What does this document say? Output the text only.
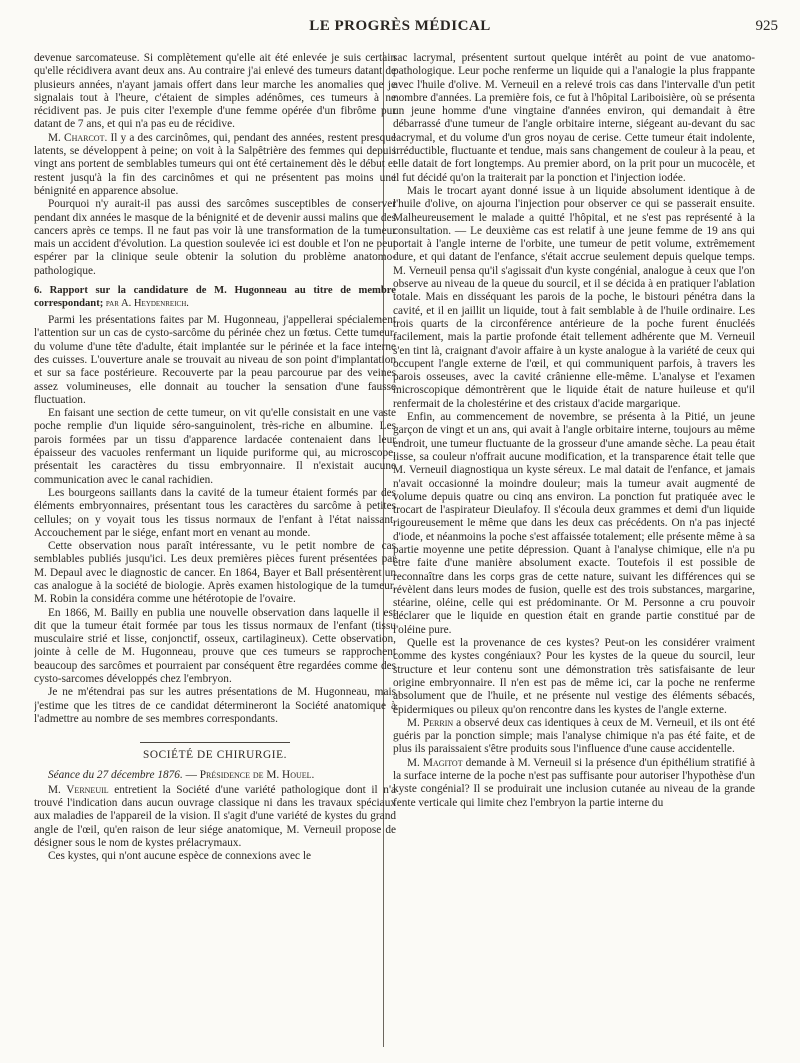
LE PROGRÈS MÉDICAL	925

devenue sarcomateuse. Si complètement qu'elle ait été enlevée je suis certain qu'elle récidivera avant deux ans. Au contraire j'ai enlevé des tumeurs datant de plusieurs années, n'ayant jamais offert dans leur marche les anomalies que je signalais tout à l'heure, c'étaient de simples adénômes, ces tumeurs à ne récidivent pas. Je puis citer l'exemple d'une femme opérée d'un fibrôme pur datant de 7 ans, et qui n'a pas eu de récidive.

M. Charcot. Il y a des carcinômes, qui, pendant des années, restent presque latents, se développent à peine; on voit à la Salpêtrière des femmes qui depuis vingt ans portent de semblables tumeurs qui ont été certainement dès le début et restent jusqu'à la fin des carcinômes et qui ne présentent pas moins une bénignité en apparence absolue.

Pourquoi n'y aurait-il pas aussi des sarcômes susceptibles de conserver pendant dix années le masque de la bénignité et de devenir aussi malins que des cancers après ce temps. Il ne faut pas voir là une transformation de la tumeur mais un accident d'évolution. La question soulevée ici est double et l'on ne peut espérer par la clinique seule obtenir la solution du problème anatomo-pathologique.

6. Rapport sur la candidature de M. Hugonneau au titre de membre correspondant; par A. Heydenreich.

Parmi les présentations faites par M. Hugonneau, j'appellerai spécialement l'attention sur un cas de cysto-sarcôme du périnée chez un fœtus. Cette tumeur, du volume d'une tête d'adulte, était implantée sur le périnée et la face interne des cuisses. L'ouverture anale se trouvait au niveau de son point d'implantation et sur sa face postérieure. Recouverte par la peau parcourue par des veines assez volumineuses, elle donnait au toucher la sensation d'une fausse fluctuation.

En faisant une section de cette tumeur, on vit qu'elle consistait en une vaste poche remplie d'un liquide séro-sanguinolent, très-riche en albumine. Les parois formées par un tissu d'apparence lardacée contenaient dans leur épaisseur des vacuoles renfermant un liquide puriforme qui, au microscope, présentait les caractères du tissu embryonnaire. Il n'existait aucune communication avec le canal rachidien.

Les bourgeons saillants dans la cavité de la tumeur étaient formés par des éléments embryonnaires, présentant tous les caractères du sarcôme à petites cellules; on y voyait tous les tissus normaux de l'enfant à l'état naissant. Accouchement par le siége, enfant mort en venant au monde.

Cette observation nous paraît intéressante, vu le petit nombre de cas semblables publiés jusqu'ici. Les deux premières pièces furent présentées par M. Depaul avec le diagnostic de cancer. En 1864, Bayer et Ball présentèrent un cas analogue à la société de biologie. Après examen histologique de la tumeur, M. Robin la considéra comme une hétérotopie de l'ovaire.

En 1866, M. Bailly en publia une nouvelle observation dans laquelle il est dit que la tumeur était formée par tous les tissus normaux de l'enfant (tissu musculaire strié et lisse, conjonctif, osseux, cartilagineux). Cette observation, jointe à celle de M. Hugonneau, prouve que ces tumeurs se rapprochent beaucoup des sarcômes et pourraient par conséquent être regardées comme des cysto-sarcomes développés chez l'embryon.

Je ne m'étendrai pas sur les autres présentations de M. Hugonneau, mais j'estime que les titres de ce candidat détermineront la Société anatomique à l'admettre au nombre de ses membres correspondants.

SOCIÉTÉ DE CHIRURGIE.

Séance du 27 décembre 1876. — Présidence de M. Houel.

M. Verneuil entretient la Société d'une variété pathologique dont il n'a trouvé l'indication dans aucun ouvrage classique ni dans les travaux spéciaux aux maladies de l'appareil de la vision. Il s'agit d'une variété de kystes du grand angle de l'œil, qu'en raison de leur siége anatomique, M. Verneuil propose de désigner sous le nom de kystes prélacrymaux.

Ces kystes, qui n'ont aucune espèce de connexions avec le

sac lacrymal, présentent surtout quelque intérêt au point de vue anatomo-pathologique. Leur poche renferme un liquide qui a l'analogie la plus frappante avec l'huile d'olive. M. Verneuil en a relevé trois cas dans l'intervalle d'un petit nombre d'années. La première fois, ce fut à l'hôpital Lariboisière, où se présenta un jeune homme d'une vingtaine d'années environ, qui demandait à être débarrassé d'une tumeur de l'angle orbitaire interne, siégeant au-devant du sac lacrymal, et du volume d'un gros noyau de cerise. Cette tumeur était indolente, irréductible, fluctuante et tendue, mais sans changement de couleur à la peau, et elle datait de fort longtemps. Au premier abord, on la prit pour un mucocèle, et il fut décidé qu'on la traiterait par la ponction et l'injection iodée.

Mais le trocart ayant donné issue à un liquide absolument identique à de l'huile d'olive, on ajourna l'injection pour observer ce qui se passerait ensuite. Malheureusement le malade a quitté l'hôpital, et ne s'est pas représenté à la consultation. — Le deuxième cas est relatif à une jeune femme de 19 ans qui portait à l'angle interne de l'orbite, une tumeur de petit volume, extrêmement dure, et qui datant de l'enfance, s'était accrue seulement depuis quelque temps. M. Verneuil pensa qu'il s'agissait d'un kyste congénial, analogue à ceux que l'on observe au niveau de la queue du sourcil, et il se décida à en pratiquer l'ablation totale. Mais en disséquant les parois de la poche, le bistouri pénétra dans la cavité, et il en jaillit un liquide, tout à fait semblable à de l'huile ordinaire. Les trois quarts de la circonférence antérieure de la poche furent énucléés facilement, mais la partie profonde était tellement adhérente que M. Verneuil s'en tint là, craignant d'avoir affaire à un kyste analogue à la variété de ceux qui occupent l'angle externe de l'œil, et qui communiquent parfois, à travers les parois osseuses, avec la cavité crânienne elle-même. L'analyse et l'examen microscopique démontrèrent que le liquide était de nature huileuse et qu'il renfermait de la cholestérine et des cristaux d'acide margarique.

Enfin, au commencement de novembre, se présenta à la Pitié, un jeune garçon de vingt et un ans, qui avait à l'angle orbitaire interne, toujours au même endroit, une tumeur fluctuante de la grosseur d'une amande sèche. La peau était lisse, sa couleur n'offrait aucune modification, et la transparence était telle que M. Verneuil diagnostiqua un kyste séreux. Le mal datait de l'enfance, et jamais n'avait occasionné la moindre douleur; mais la tumeur avait augmenté de volume depuis quatre ou cinq ans environ. La ponction fut pratiquée avec le trocart de l'aspirateur Dieulafoy. Il s'écoula deux grammes et demi d'un liquide rigoureusement le même que dans les deux cas précédents. On n'a pas injecté d'iode, et néanmoins la poche s'est affaissée totalement; elle présente même à sa partie moyenne une petite dépression. Quant à l'analyse chimique, elle n'a pu être faite d'une manière absolument exacte. Toutefois il est possible de reconnaître dans les corps gras de cette nature, suivant les différences qui se révèlent dans leurs modes de fusion, quelle est des trois substances, margarine, stéarine, oléine, celle qui est prédominante. Or M. Personne a cru pouvoir déclarer que le liquide en question était en grande partie constitué par de l'oléine pure.

Quelle est la provenance de ces kystes? Peut-on les considérer vraiment comme des kystes congéniaux? Pour les kystes de la queue du sourcil, leur structure et leur contenu sont une démonstration très satisfaisante de leur origine embryonnaire. Il n'en est pas de même ici, car la poche ne renferme absolument que de l'huile, et ne présente nul vestige des éléments sébacés, épidermiques ou pileux qu'on rencontre dans les kystes de l'angle externe.

M. Perrin a observé deux cas identiques à ceux de M. Verneuil, et ils ont été guéris par la ponction simple; mais l'analyse chimique n'a pas été faite, et de plus ils paraissaient s'être produits sous l'influence d'une cause accidentelle.

M. Magitot demande à M. Verneuil si la présence d'un épithélium stratifié à la surface interne de la poche n'est pas suffisante pour autoriser l'hypothèse d'un kyste congénial? Il se produirait une inclusion cutanée au niveau de la grande fente verticale qui limite chez l'embryon la partie interne du
